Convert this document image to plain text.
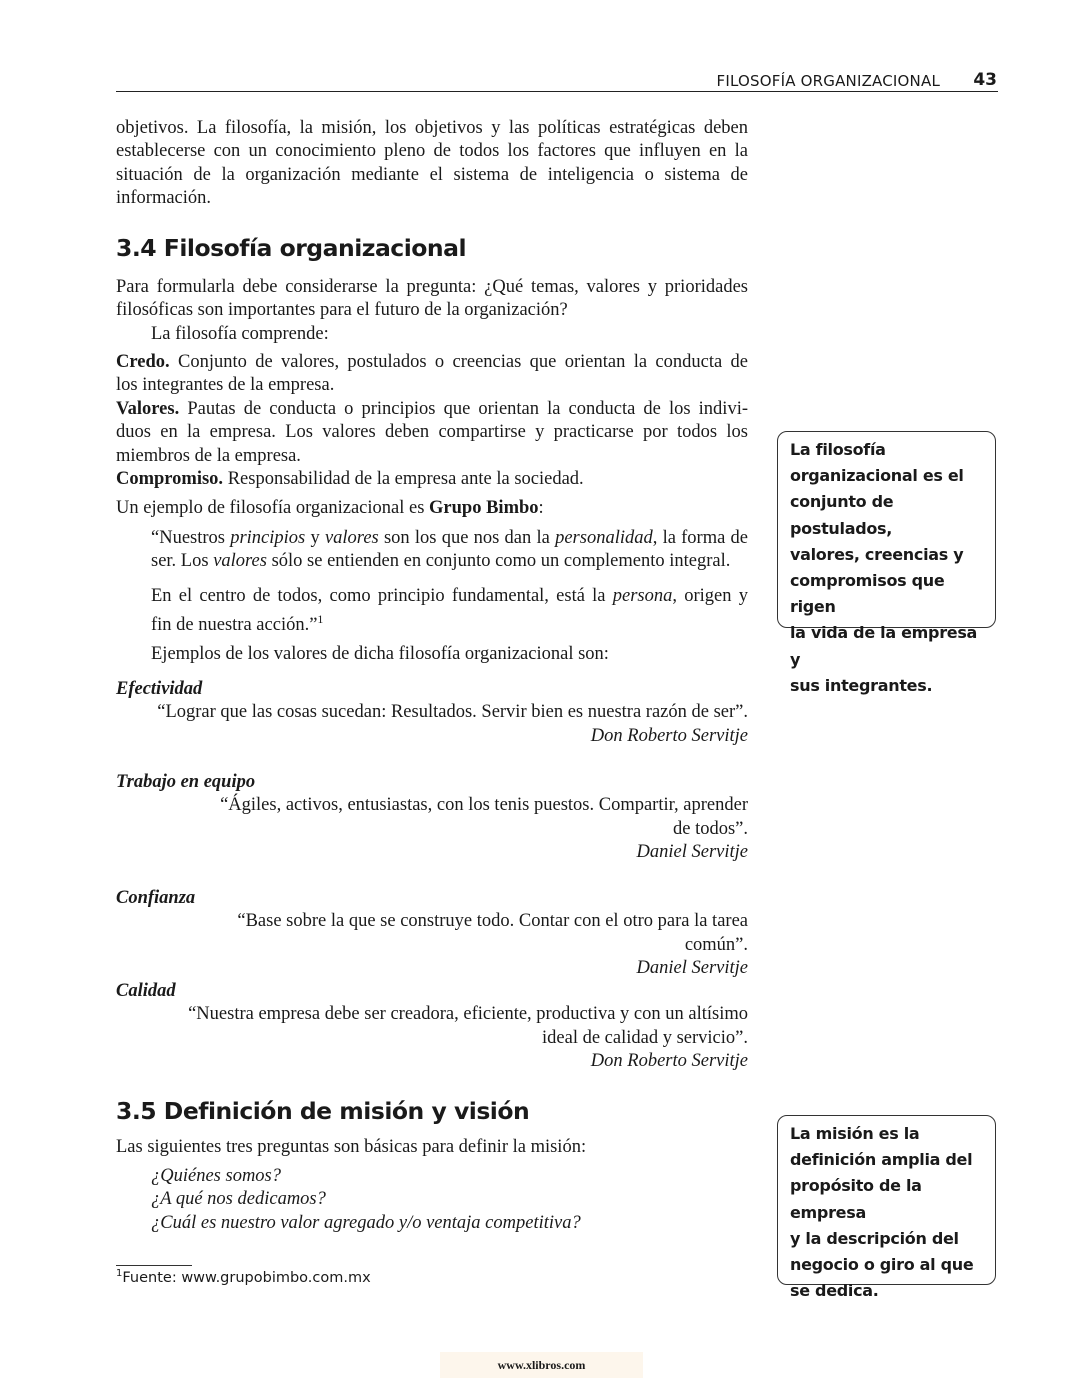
FILOSOFÍA ORGANIZACIONAL	43
objetivos. La filosofía, la misión, los objetivos y las políticas estratégicas deben
establecerse con un conocimiento pleno de todos los factores que influyen en la
situación de la organización mediante el sistema de inteligencia o sistema de
información.
3.4 Filosofía organizacional
Para formularla debe considerarse la pregunta: ¿Qué temas, valores y prioridades
filosóficas son importantes para el futuro de la organización?
La filosofía comprende:
Credo. Conjunto de valores, postulados o creencias que orientan la conducta de
los integrantes de la empresa.
Valores. Pautas de conducta o principios que orientan la conducta de los indivi-
duos en la empresa. Los valores deben compartirse y practicarse por todos los
miembros de la empresa.
Compromiso. Responsabilidad de la empresa ante la sociedad.
Un ejemplo de filosofía organizacional es Grupo Bimbo:
“Nuestros principios y valores son los que nos dan la personalidad, la forma de
ser. Los valores sólo se entienden en conjunto como un complemento integral.
En el centro de todos, como principio fundamental, está la persona, origen y
fin de nuestra acción.”$^1$
Ejemplos de los valores de dicha filosofía organizacional son:
Efectividad
“Lograr que las cosas sucedan: Resultados. Servir bien es nuestra razón de ser”.
Don Roberto Servitje
Trabajo en equipo
“Ágiles, activos, entusiastas, con los tenis puestos. Compartir, aprender
de todos”.
Daniel Servitje
Confianza
“Base sobre la que se construye todo. Contar con el otro para la tarea
común”.
Daniel Servitje
Calidad
“Nuestra empresa debe ser creadora, eficiente, productiva y con un altísimo
ideal de calidad y servicio”.
Don Roberto Servitje
3.5 Definición de misión y visión
Las siguientes tres preguntas son básicas para definir la misión:
¿Quiénes somos?
¿A qué nos dedicamos?
¿Cuál es nuestro valor agregado y/o ventaja competitiva?
La filosofía
organizacional es el
conjunto de postulados,
valores, creencias y
compromisos que rigen
la vida de la empresa y
sus integrantes.
La misión es la
definición amplia del
propósito de la empresa
y la descripción del
negocio o giro al que
se dedica.
$^1$Fuente: www.grupobimbo.com.mx
www.xlibros.com
